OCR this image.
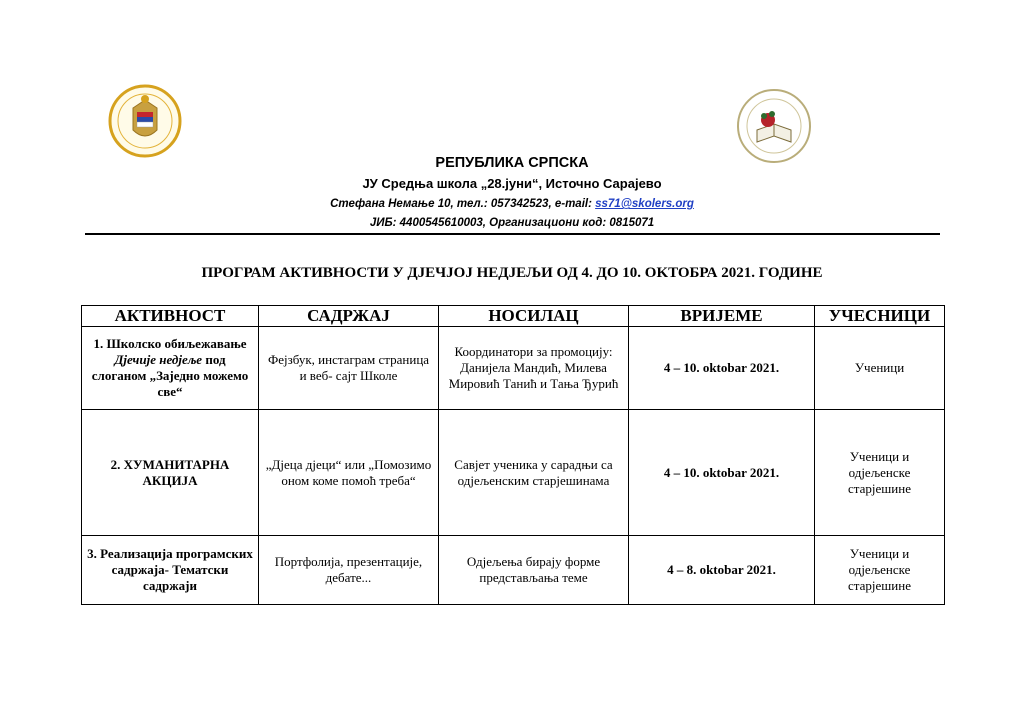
РЕПУБЛИКА СРПСКА
ЈУ Средња школа „28.јуни“, Источно Сарајево
Стефана Немање 10, тел.: 057342523, e-mail: ss71@skolers.org
ЈИБ: 4400545610003, Организациони код: 0815071
ПРОГРАМ АКТИВНОСТИ У ДЈЕЧЈОЈ НЕДЈЕЉИ ОД 4. ДО 10. OKTOБРА 2021. ГОДИНЕ
АКТИВНОСТ	САДРЖАЈ	НОСИЛАЦ	ВРИЈЕМЕ	УЧЕСНИЦИ
1. Школско обиљежавање Дјечије недјеље под слоганом „Заједно можемо све“	Фејзбук, инстаграм страница и веб- сајт Школе	Координатори за промоцију: Данијела Мандић, Милева Мировић Танић и Тања Ђурић	4 – 10. oktobar 2021.	Ученици
2. ХУМАНИТАРНА АКЦИЈА	„Дјеца дјеци“ или „Помозимо оном коме помоћ треба“	Савјет ученика у сарадњи са одјељенским старјешинама	4 – 10. oktobar 2021.	Ученици и одјељенске старјешине
3. Реализација програмских садржаја- Тематски садржаји	Портфолија, презентације, дебате...	Одјељења бирају форме представљања теме	4 – 8. oktobar 2021.	Ученици и одјељенске старјешине
